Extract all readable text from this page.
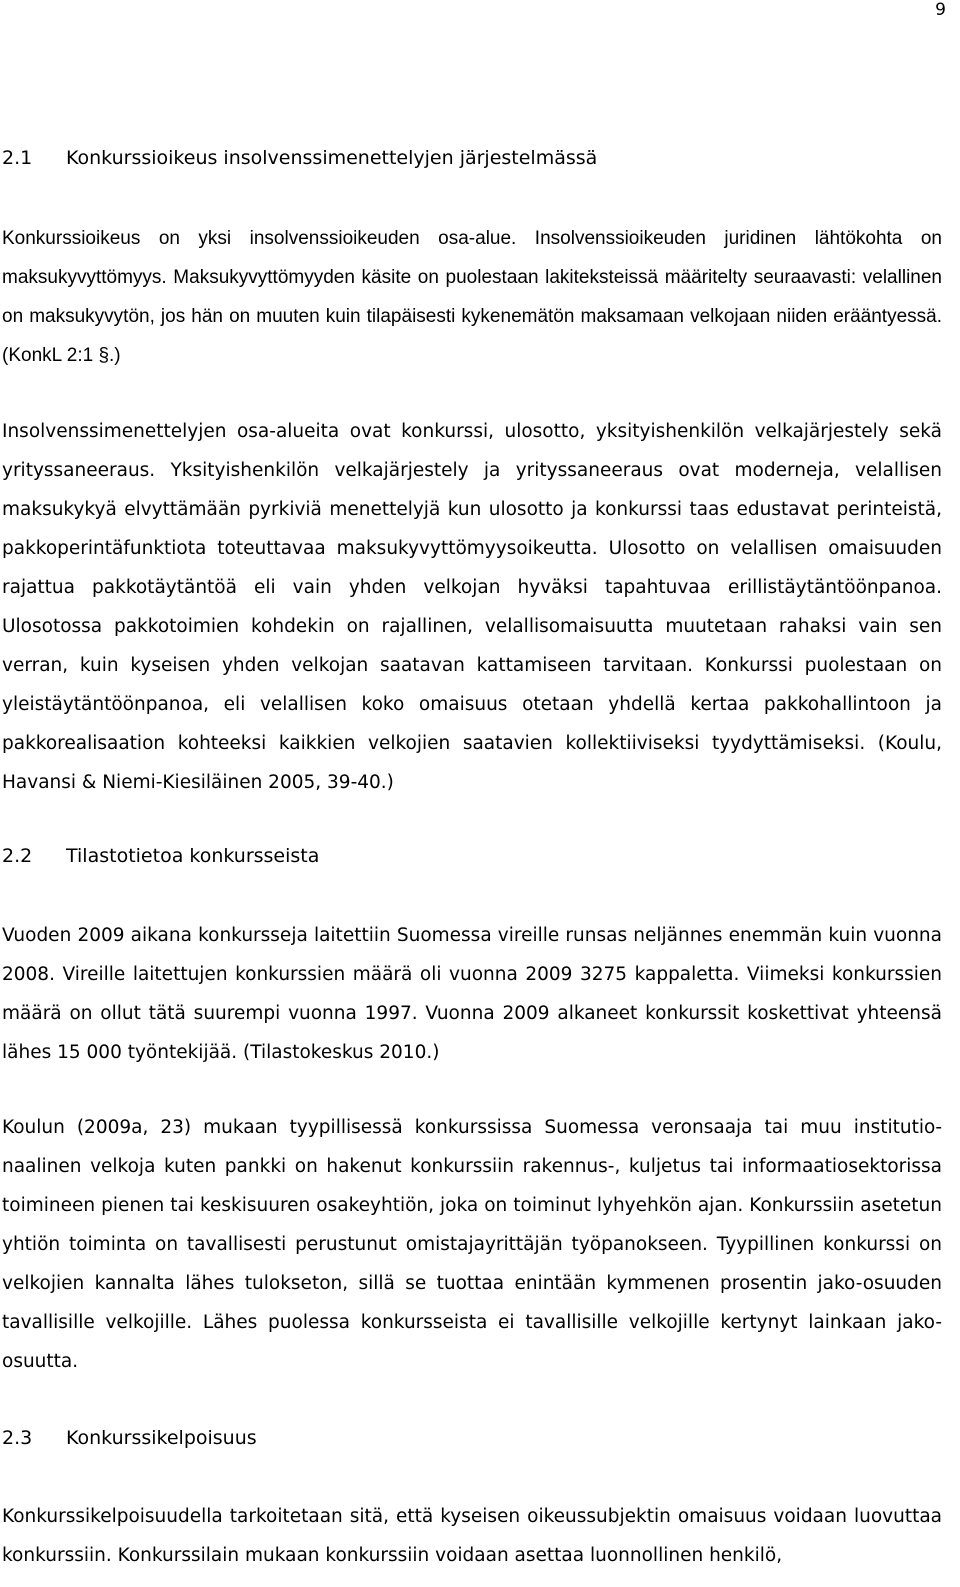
9
2.1 Konkurssioikeus insolvenssimenettelyjen järjestelmässä

Konkurssioikeus on yksi insolvenssioikeuden osa-alue. Insolvenssioikeuden juridinen lähtökohta on maksukyvyttömyys. Maksukyvyttömyyden käsite on puolestaan lakiteksteissä määritelty seuraavasti: velallinen on maksukyvytön, jos hän on muuten kuin tilapäisesti kykenemätön maksamaan velkojaan niiden erääntyessä. (KonkL 2:1 §.)

Insolvenssimenettelyjen osa-alueita ovat konkurssi, ulosotto, yksityishenkilön velkajärjestely sekä yrityssaneeraus. Yksityishenkilön velkajärjestely ja yrityssaneeraus ovat moderneja, velallisen maksukykyä elvyttämään pyrkiviä menettelyjä kun ulosotto ja konkurssi taas edustavat perinteistä, pakkoperintäfunktiota toteuttavaa maksukyvyttömyysoikeutta. Ulosotto on velallisen omaisuuden rajattua pakkotäytäntöä eli vain yhden velkojan hyväksi tapahtuvaa erillistäytäntöönpanoa. Ulosotossa pakkotoimien kohdekin on rajallinen, velallisomaisuutta muutetaan rahaksi vain sen verran, kuin kyseisen yhden velkojan saatavan kattamiseen tarvitaan. Konkurssi puolestaan on yleistäytäntöönpanoa, eli velallisen koko omaisuus otetaan yhdellä kertaa pakkohallintoon ja pakkorealisaation kohteeksi kaikkien velkojien saatavien kollektiiviseksi tyydyttämiseksi. (Koulu, Havansi & Niemi-Kiesiläinen 2005, 39-40.)

2.2 Tilastotietoa konkursseista

Vuoden 2009 aikana konkursseja laitettiin Suomessa vireille runsas neljännes enemmän kuin vuonna 2008. Vireille laitettujen konkurssien määrä oli vuonna 2009 3275 kappaletta. Viimeksi konkurssien määrä on ollut tätä suurempi vuonna 1997. Vuonna 2009 alkaneet konkurssit koskettivat yhteensä lähes 15 000 työntekijää. (Tilastokeskus 2010.)

Koulun (2009a, 23) mukaan tyypillisessä konkurssissa Suomessa veronsaaja tai muu institutionaalinen velkoja kuten pankki on hakenut konkurssiin rakennus-, kuljetus tai informaatiosektorissa toimineen pienen tai keskisuuren osakeyhtiön, joka on toiminut lyhyehkön ajan. Konkurssiin asetetun yhtiön toiminta on tavallisesti perustunut omistajayrittäjän työpanokseen. Tyypillinen konkurssi on velkojien kannalta lähes tulokseton, sillä se tuottaa enintään kymmenen prosentin jako-osuuden tavallisille velkojille. Lähes puolessa konkursseista ei tavallisille velkojille kertynyt lainkaan jako-osuutta.

2.3 Konkurssikelpoisuus

Konkurssikelpoisuudella tarkoitetaan sitä, että kyseisen oikeussubjektin omaisuus voidaan luovuttaa konkurssiin. Konkurssilain mukaan konkurssiin voidaan asettaa luonnollinen henkilö,
